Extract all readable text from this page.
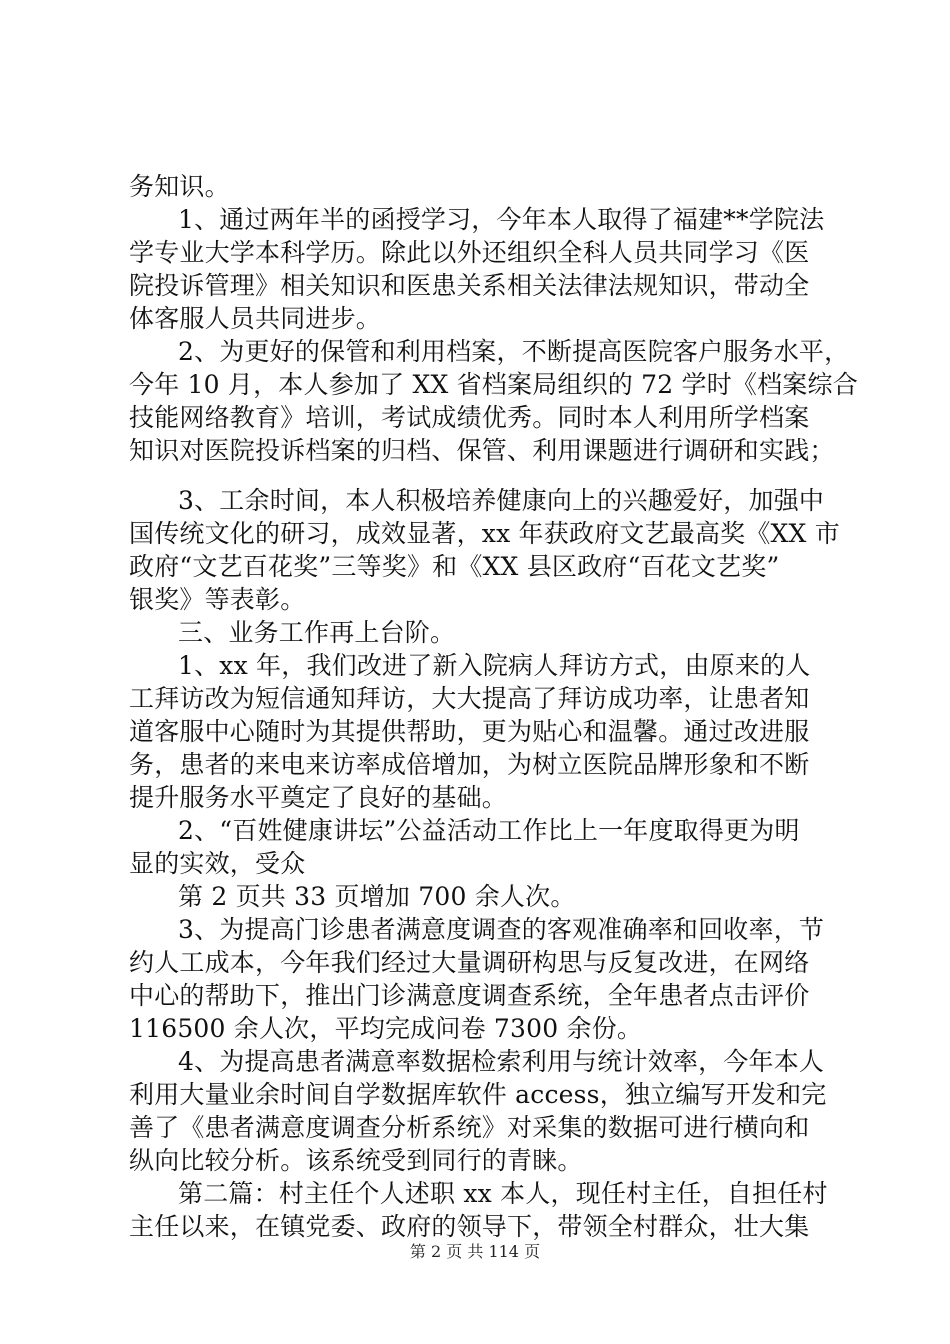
务知识。
1、通过两年半的函授学习，今年本人取得了福建**学院法
学专业大学本科学历。除此以外还组织全科人员共同学习《医
院投诉管理》相关知识和医患关系相关法律法规知识，带动全
体客服人员共同进步。
2、为更好的保管和利用档案，不断提高医院客户服务水平，
今年 10 月，本人参加了 XX 省档案局组织的 72 学时《档案综合
技能网络教育》培训，考试成绩优秀。同时本人利用所学档案
知识对医院投诉档案的归档、保管、利用课题进行调研和实践；
3、工余时间，本人积极培养健康向上的兴趣爱好，加强中
国传统文化的研习，成效显著，xx 年获政府文艺最高奖《XX 市
政府“文艺百花奖”三等奖》和《XX 县区政府“百花文艺奖”
银奖》等表彰。
三、业务工作再上台阶。
1、xx 年，我们改进了新入院病人拜访方式，由原来的人
工拜访改为短信通知拜访，大大提高了拜访成功率，让患者知
道客服中心随时为其提供帮助，更为贴心和温馨。通过改进服
务，患者的来电来访率成倍增加，为树立医院品牌形象和不断
提升服务水平奠定了良好的基础。
2、“百姓健康讲坛”公益活动工作比上一年度取得更为明
显的实效，受众
第 2 页共 33 页增加 700 余人次。
3、为提高门诊患者满意度调查的客观准确率和回收率，节
约人工成本，今年我们经过大量调研构思与反复改进，在网络
中心的帮助下，推出门诊满意度调查系统，全年患者点击评价
116500 余人次，平均完成问卷 7300 余份。
4、为提高患者满意率数据检索利用与统计效率，今年本人
利用大量业余时间自学数据库软件 access，独立编写开发和完
善了《患者满意度调查分析系统》对采集的数据可进行横向和
纵向比较分析。该系统受到同行的青睐。
第二篇：村主任个人述职 xx 本人，现任村主任，自担任村
主任以来，在镇党委、政府的领导下，带领全村群众，壮大集
第 2 页 共 114 页
